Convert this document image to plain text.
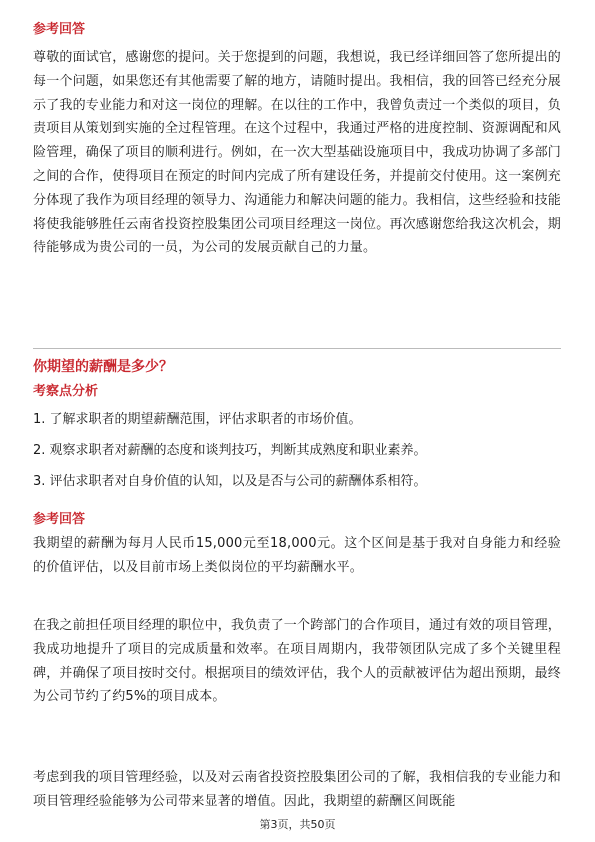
参考回答
尊敬的面试官，感谢您的提问。关于您提到的问题，我想说，我已经详细回答了您所提出的每一个问题，如果您还有其他需要了解的地方，请随时提出。我相信，我的回答已经充分展示了我的专业能力和对这一岗位的理解。在以往的工作中，我曾负责过一个类似的项目，负责项目从策划到实施的全过程管理。在这个过程中，我通过严格的进度控制、资源调配和风险管理，确保了项目的顺利进行。例如，在一次大型基础设施项目中，我成功协调了多部门之间的合作，使得项目在预定的时间内完成了所有建设任务，并提前交付使用。这一案例充分体现了我作为项目经理的领导力、沟通能力和解决问题的能力。我相信，这些经验和技能将使我能够胜任云南省投资控股集团公司项目经理这一岗位。再次感谢您给我这次机会，期待能够成为贵公司的一员，为公司的发展贡献自己的力量。
你期望的薪酬是多少？
考察点分析
1. 了解求职者的期望薪酬范围，评估求职者的市场价值。
2. 观察求职者对薪酬的态度和谈判技巧，判断其成熟度和职业素养。
3. 评估求职者对自身价值的认知，以及是否与公司的薪酬体系相符。
参考回答
我期望的薪酬为每月人民币15,000元至18,000元。这个区间是基于我对自身能力和经验的价值评估，以及目前市场上类似岗位的平均薪酬水平。
在我之前担任项目经理的职位中，我负责了一个跨部门的合作项目，通过有效的项目管理，我成功地提升了项目的完成质量和效率。在项目周期内，我带领团队完成了多个关键里程碑，并确保了项目按时交付。根据项目的绩效评估，我个人的贡献被评估为超出预期，最终为公司节约了约5%的项目成本。
考虑到我的项目管理经验，以及对云南省投资控股集团公司的了解，我相信我的专业能力和项目管理经验能够为公司带来显著的增值。因此，我期望的薪酬区间既能
第3页，共50页
